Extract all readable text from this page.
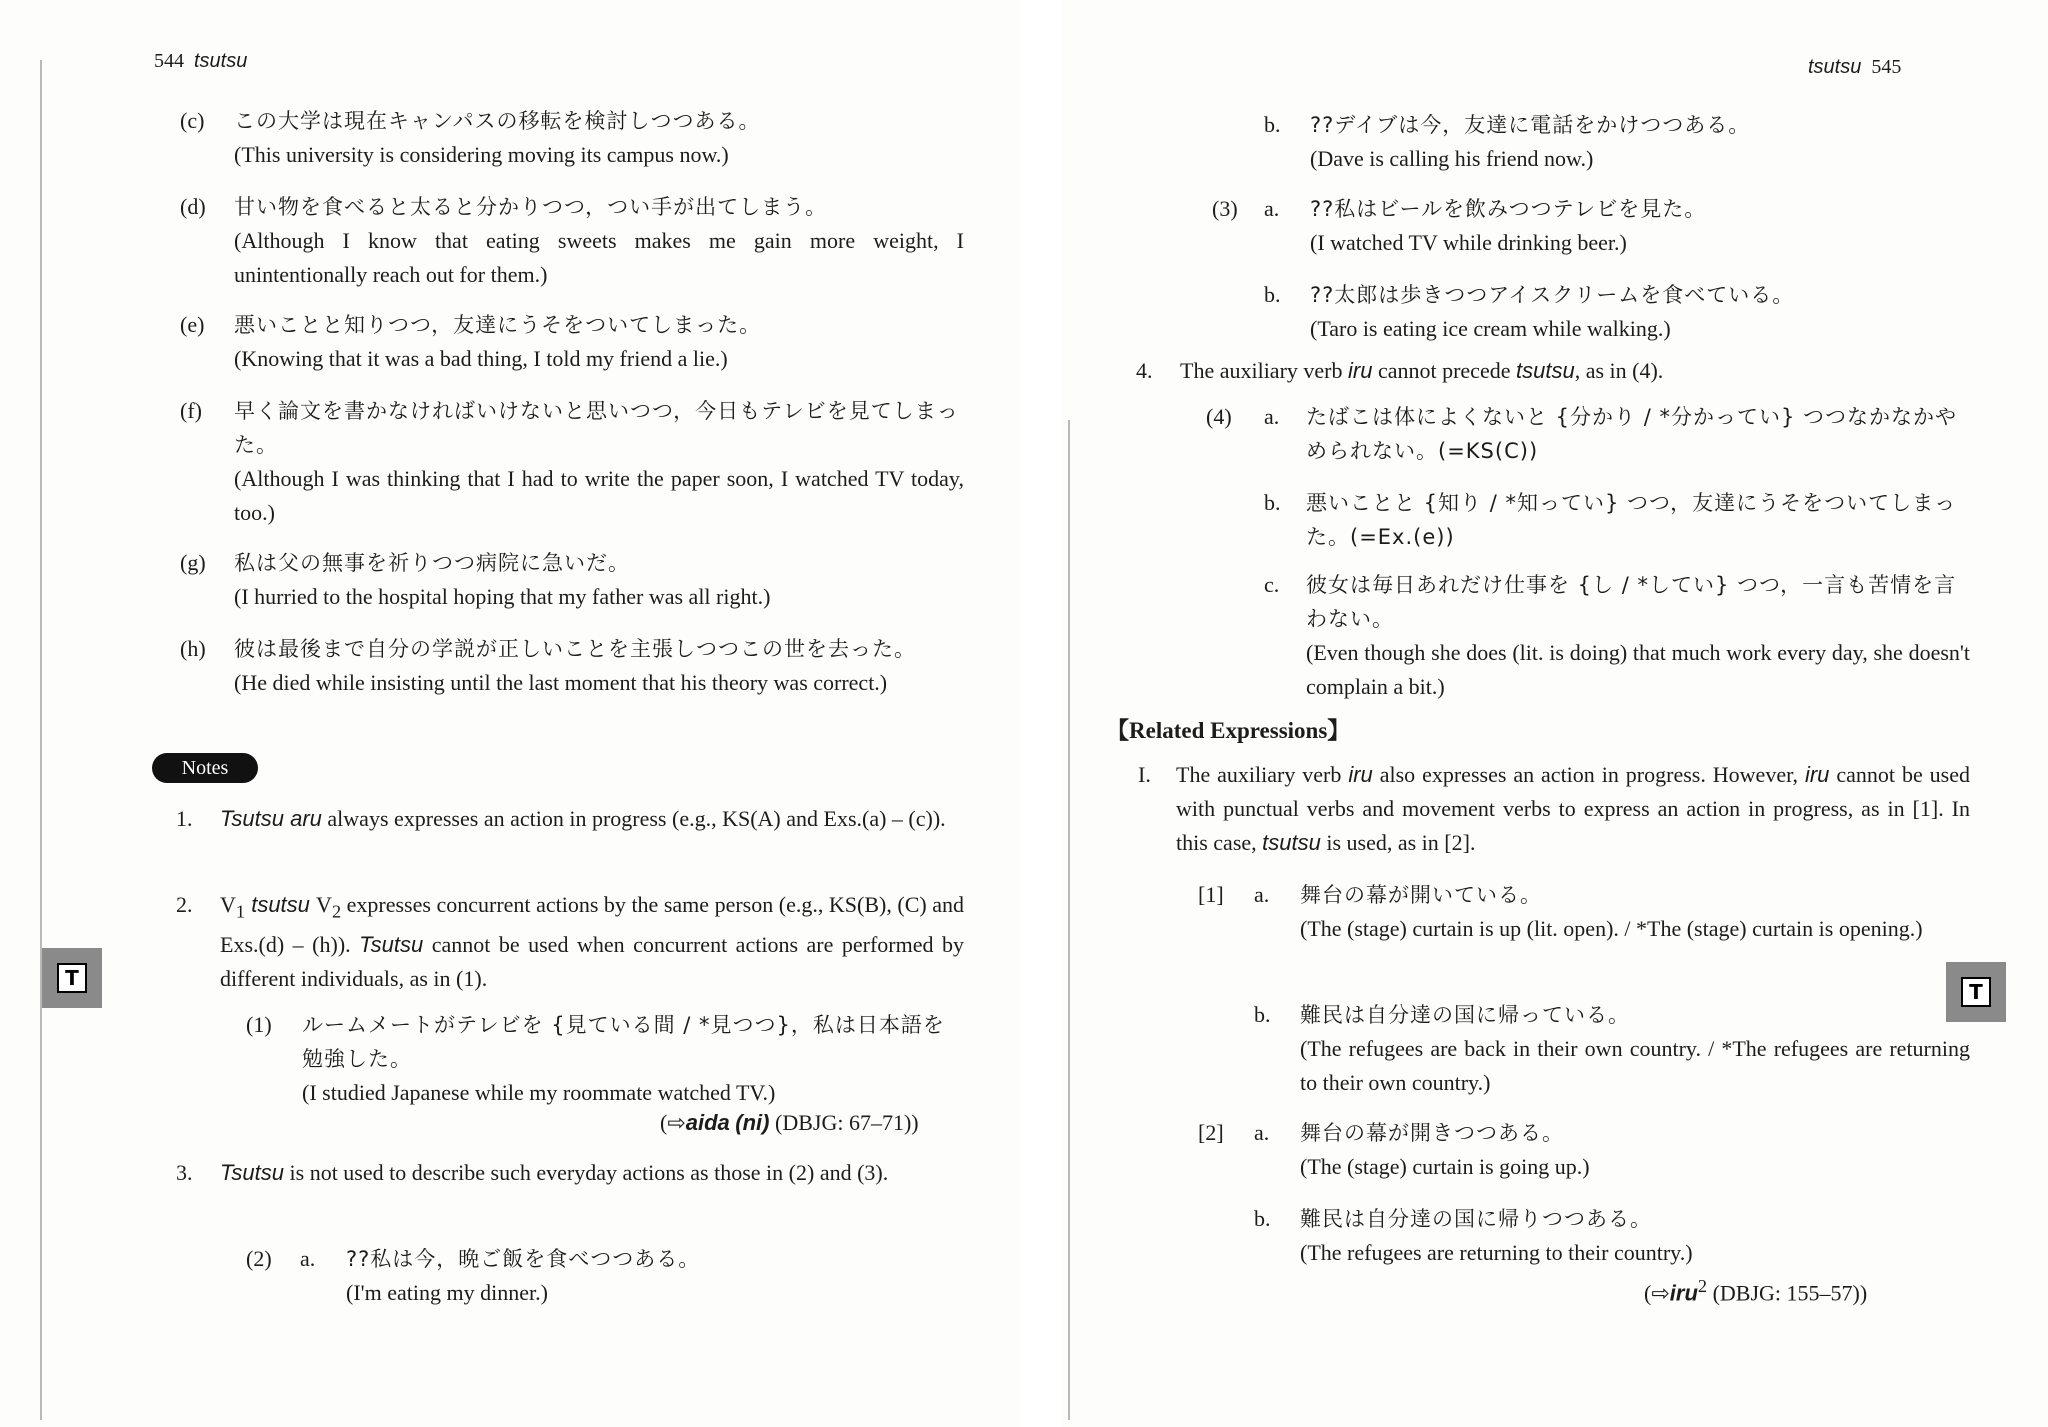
544 tsutsu
(c) この大学は現在キャンパスの移転を検討しつつある。
(This university is considering moving its campus now.)
(d) 甘い物を食べると太ると分かりつつ，つい手が出てしまう。
(Although I know that eating sweets makes me gain more weight, I unintentionally reach out for them.)
(e) 悪いことと知りつつ，友達にうそをついてしまった。
(Knowing that it was a bad thing, I told my friend a lie.)
(f) 早く論文を書かなければいけないと思いつつ，今日もテレビを見てしまった。
(Although I was thinking that I had to write the paper soon, I watched TV today, too.)
(g) 私は父の無事を祈りつつ病院に急いだ。
(I hurried to the hospital hoping that my father was all right.)
(h) 彼は最後まで自分の学説が正しいことを主張しつつこの世を去った。
(He died while insisting until the last moment that his theory was correct.)
Notes
1. Tsutsu aru always expresses an action in progress (e.g., KS(A) and Exs.(a) – (c)).
2. $V_1$ tsutsu $V_2$ expresses concurrent actions by the same person (e.g., KS(B), (C) and Exs.(d) – (h)). Tsutsu cannot be used when concurrent actions are performed by different individuals, as in (1).
(1) ルームメートがテレビを {見ている間 / *見つつ}，私は日本語を勉強した。
(I studied Japanese while my roommate watched TV.)
(⇨aida (ni) (DBJG: 67–71))
3. Tsutsu is not used to describe such everyday actions as those in (2) and (3).
(2) a. ??私は今，晩ご飯を食べつつある。
(I'm eating my dinner.)
T
tsutsu 545
b. ??デイブは今，友達に電話をかけつつある。
(Dave is calling his friend now.)
(3) a. ??私はビールを飲みつつテレビを見た。
(I watched TV while drinking beer.)
b. ??太郎は歩きつつアイスクリームを食べている。
(Taro is eating ice cream while walking.)
4. The auxiliary verb iru cannot precede tsutsu, as in (4).
(4) a. たばこは体によくないと {分かり / *分かってい} つつなかなかやめられない。(=KS(C))
b. 悪いことと {知り / *知ってい} つつ，友達にうそをついてしまった。(=Ex.(e))
c. 彼女は毎日あれだけ仕事を {し / *してい} つつ，一言も苦情を言わない。
(Even though she does (lit. is doing) that much work every day, she doesn't complain a bit.)
【Related Expressions】
I. The auxiliary verb iru also expresses an action in progress. However, iru cannot be used with punctual verbs and movement verbs to express an action in progress, as in [1]. In this case, tsutsu is used, as in [2].
[1] a. 舞台の幕が開いている。
(The (stage) curtain is up (lit. open). / *The (stage) curtain is opening.)
b. 難民は自分達の国に帰っている。
(The refugees are back in their own country. / *The refugees are returning to their own country.)
[2] a. 舞台の幕が開きつつある。
(The (stage) curtain is going up.)
b. 難民は自分達の国に帰りつつある。
(The refugees are returning to their country.)
(⇨iru$^2$ (DBJG: 155–57))
T
